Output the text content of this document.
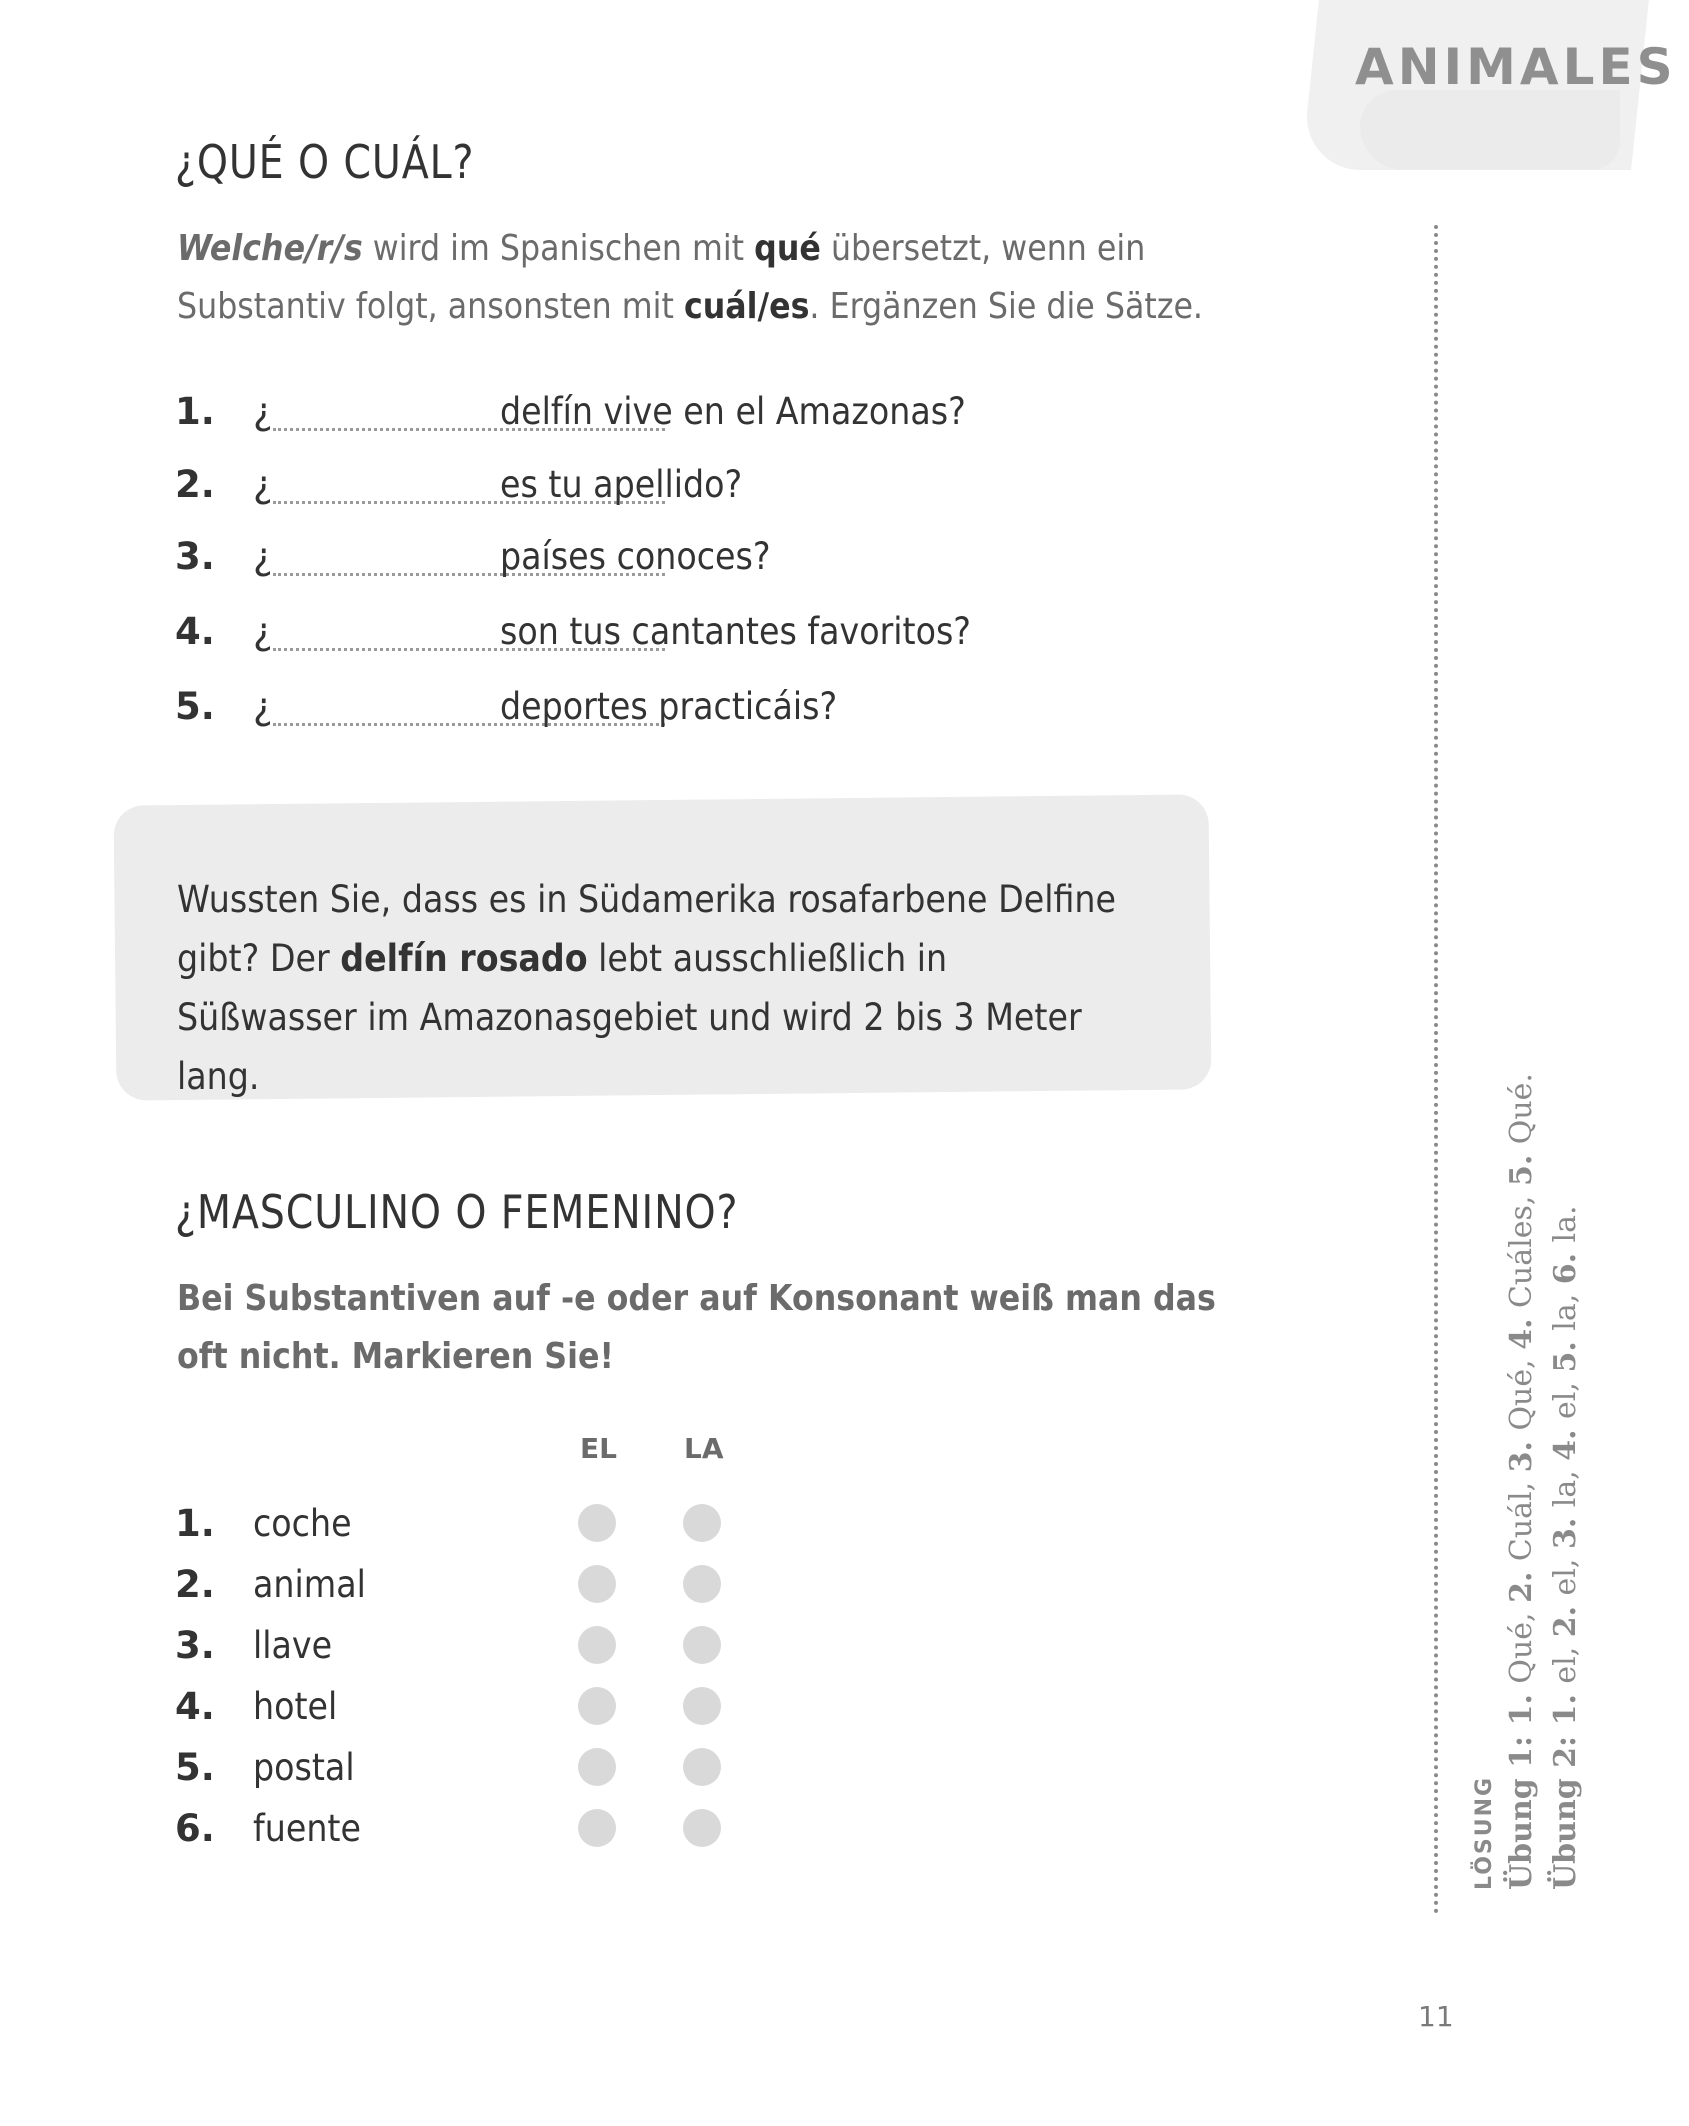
ANIMALES
¿QUÉ O CUÁL?
Welche/r/s wird im Spanischen mit qué übersetzt, wenn ein Substantiv folgt, ansonsten mit cuál/es. Ergänzen Sie die Sätze.
1. ¿	delfín vive en el Amazonas?
2. ¿	es tu apellido?
3. ¿	países conoces?
4. ¿	son tus cantantes favoritos?
5. ¿	deportes practicáis?
Wussten Sie, dass es in Südamerika rosafarbene Delfine gibt? Der delfín rosado lebt ausschließlich in Süßwasser im Amazonasgebiet und wird 2 bis 3 Meter lang.
¿MASCULINO O FEMENINO?
Bei Substantiven auf -e oder auf Konsonant weiß man das oft nicht. Markieren Sie!
EL LA
1. coche
2. animal
3. llave
4. hotel
5. postal
6. fuente	LÖSUNG Übung 1: 1. Qué, 2. Cuál, 3. Qué, 4. Cuáles, 5. Qué.
Übung 2: 1. el, 2. el, 3. la, 4. el, 5. la, 6. la.
11
